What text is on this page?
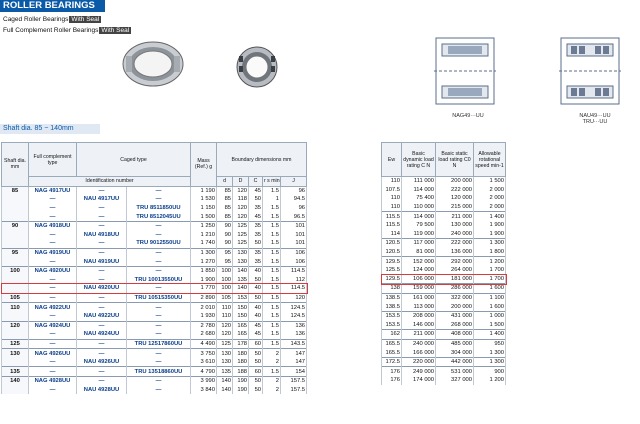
ROLLER BEARINGS
Caged Roller Bearings With Seal
Full Complement Roller Bearings With Seal
NAG49···UU	NAU49···UU
TRU···UU
Shaft dia. 85 − 140mm
Shaft dia. mm	Full complement type	Caged type		Mass (Ref.) g	Boundary dimensions mm				
	Identification number				d	D	C	r s min	J
85	NAG 4917UU	—	—	1 190	85	120	45	1.5	96
	—	NAU 4917UU	—	1 530	85	118	50	1	94.5
	—	—	TRU 8511850UU	1 150	85	120	35	1.5	96
	—	—	TRU 8512045UU	1 500	85	120	45	1.5	96.5
90	NAG 4918UU	—	—	1 250	90	125	35	1.5	101
	—	NAU 4918UU	—	1 210	90	125	35	1.5	101
	—	—	TRU 9012550UU	1 740	90	125	50	1.5	101
95	NAG 4919UU	—	—	1 300	95	130	35	1.5	106
	—	NAU 4919UU	—	1 270	95	130	35	1.5	106
100	NAG 4920UU	—	—	1 850	100	140	40	1.5	114.5
	—	—	TRU 10013550UU	1 900	100	135	50	1.5	112
	—	NAU 4920UU	—	1 770	100	140	40	1.5	114.5
105	—	—	TRU 10515350UU	2 890	105	153	50	1.5	120
110	NAG 4922UU	—	—	2 010	110	150	40	1.5	124.5
	—	NAU 4922UU	—	1 930	110	150	40	1.5	124.5
120	NAG 4924UU	—	—	2 780	120	165	45	1.5	136
	—	NAU 4924UU	—	2 680	120	165	45	1.5	136
125	—	—	TRU 12517860UU	4 490	125	178	60	1.5	143.5
130	NAG 4926UU	—	—	3 750	130	180	50	2	147
	—	NAU 4926UU	—	3 610	130	180	50	2	147
135	—	—	TRU 13518860UU	4 790	135	188	60	1.5	154
140	NAG 4928UU	—	—	3 990	140	190	50	2	157.5
	—	NAU 4928UU	—	3 840	140	190	50	2	157.5
Ew	Basic dynamic load rating C N	Basic static load rating C0 N	Allowable rotational speed min-1
110	111 000	200 000	1 500
107.5	114 000	222 000	2 000
110	75 400	120 000	2 000
110	110 000	215 000	2 000
115.5	114 000	211 000	1 400
115.5	79 500	130 000	1 900
114	119 000	240 000	1 900
120.5	117 000	222 000	1 300
120.5	81 000	136 000	1 800
129.5	152 000	292 000	1 200
125.5	124 000	264 000	1 700
129.5	106 000	181 000	1 700
138	159 000	286 000	1 600
138.5	161 000	322 000	1 100
138.5	113 000	200 000	1 600
153.5	208 000	431 000	1 000
153.5	146 000	268 000	1 500
162	211 000	408 000	1 400
165.5	240 000	485 000	950
165.5	166 000	304 000	1 300
172.5	220 000	442 000	1 300
176	249 000	531 000	900
176	174 000	327 000	1 200
